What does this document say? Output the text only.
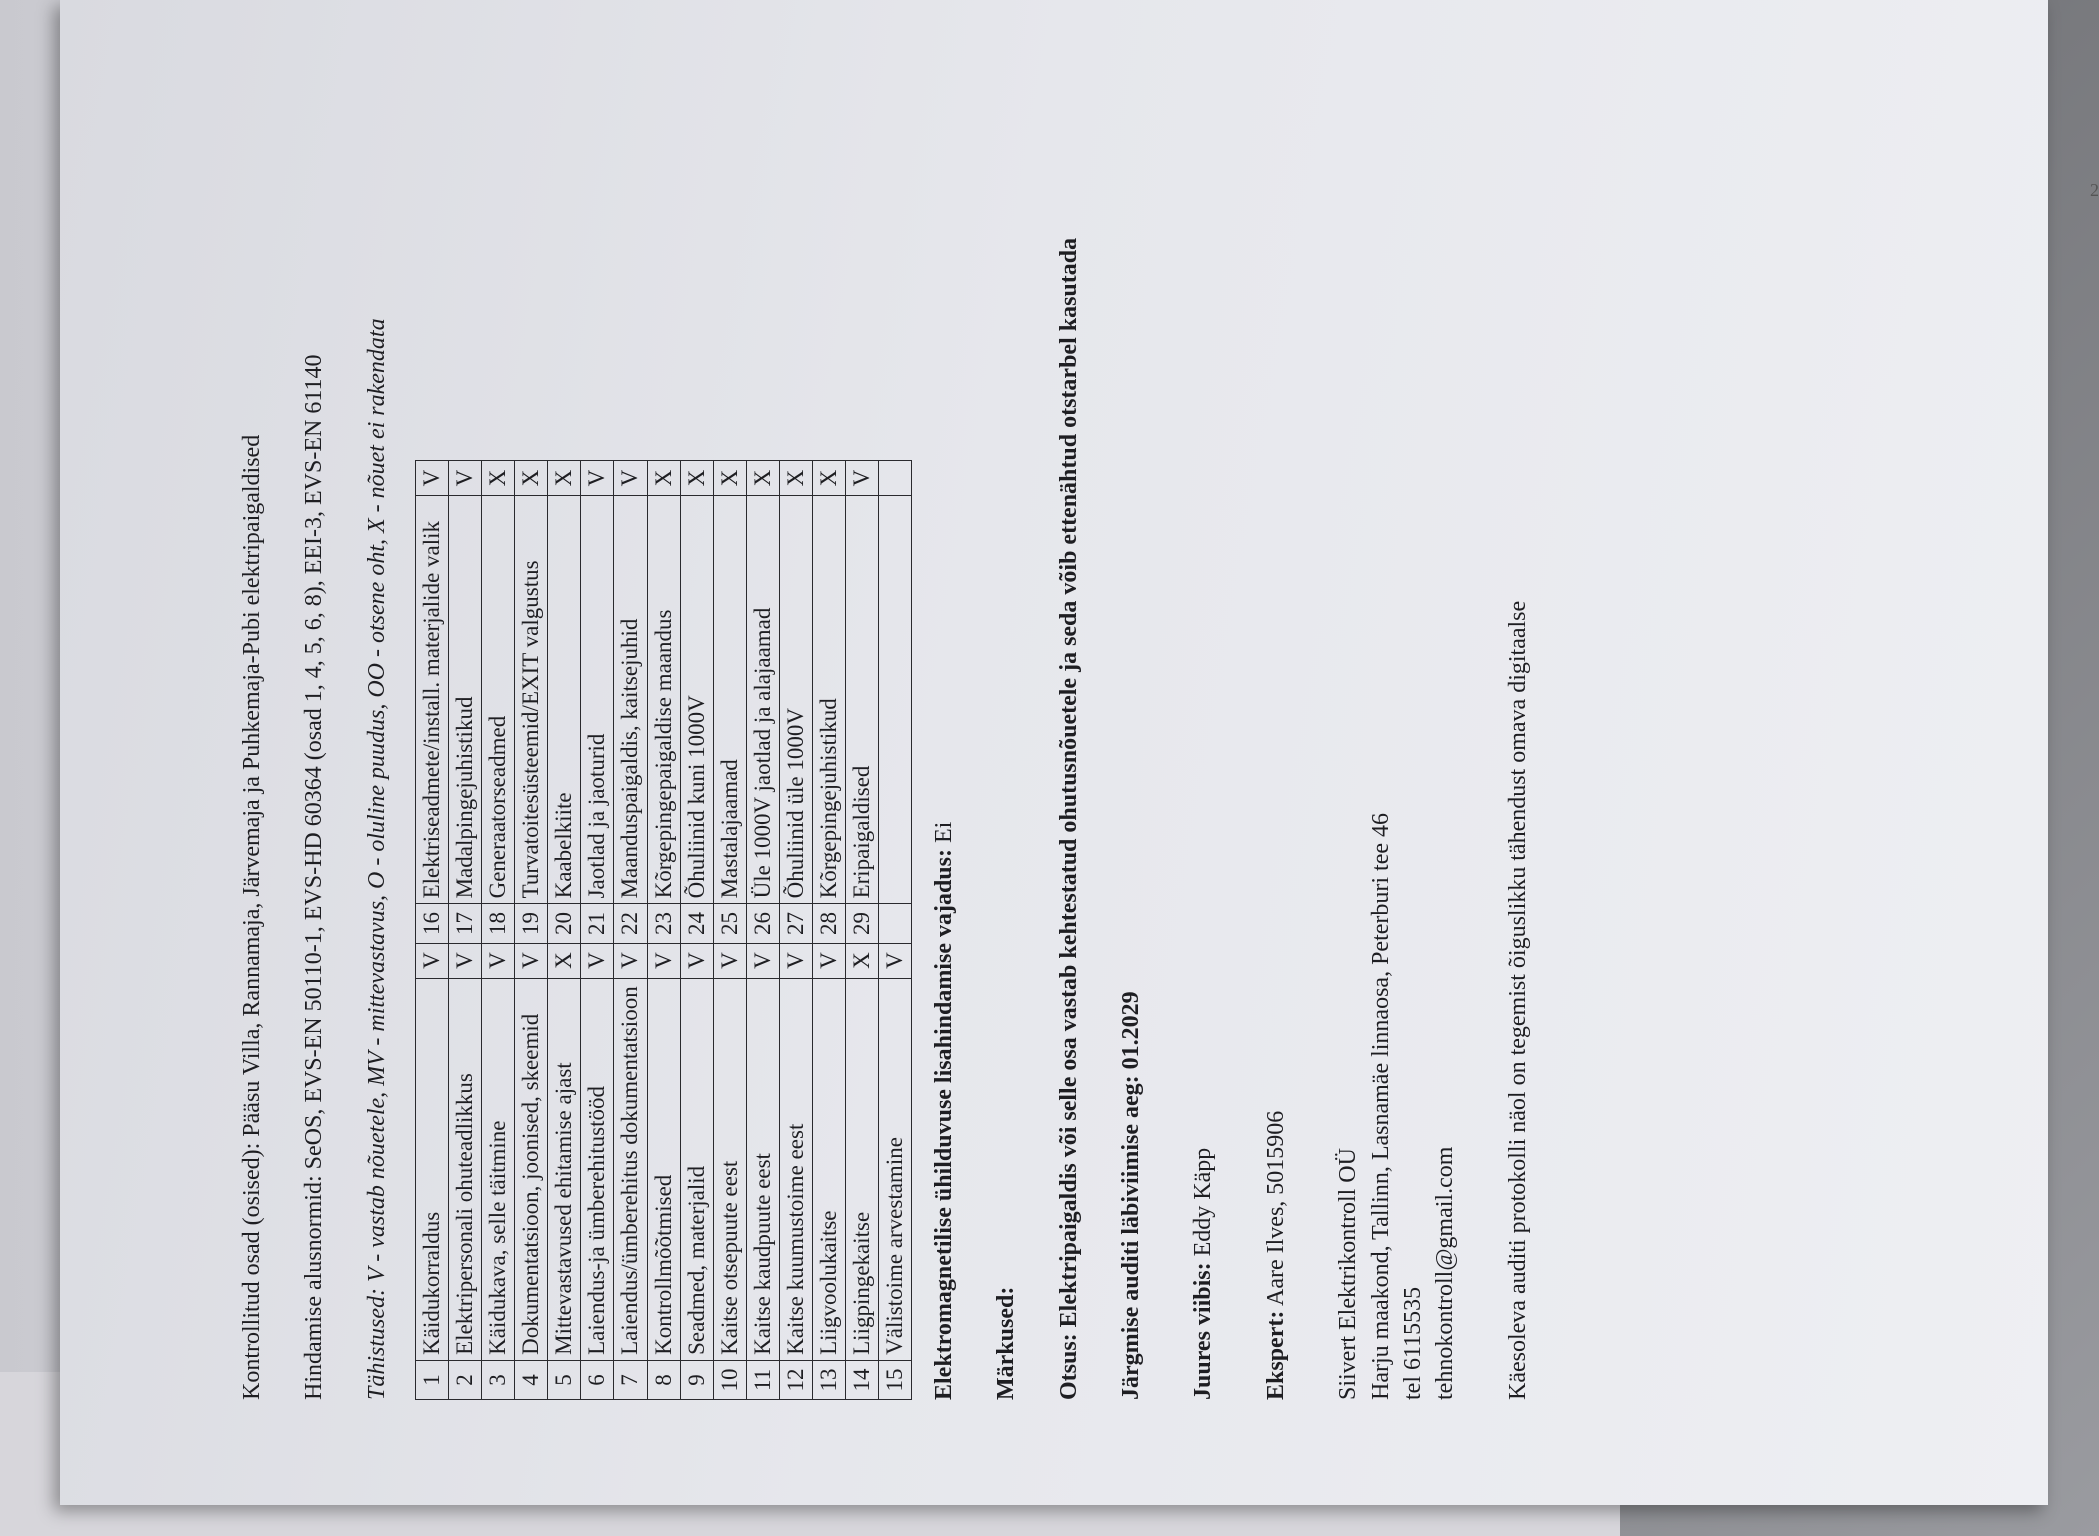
Kontrollitud osad (osised): Pääsu Villa, Rannamaja, Järvemaja ja Puhkemaja-Pubi elektripaigaldised Hindamise alusnormid: SeOS, EVS-EN 50110-1, EVS-HD 60364 (osad 1, 4, 5, 6, 8), EEI-3, EVS-EN 61140 Tähistused: V - vastab nõuetele, MV - mittevastavus, O - oluline puudus, OO - otsene oht, X - nõuet ei rakendata 1	Käidukorraldus	V	16	Elektriseadmete/install. materjalide valik	V
2	Elektripersonali ohuteadlikkus	V	17	Madalpingejuhistikud	V
3	Käidukava, selle täitmine	V	18	Generaatorseadmed	X
4	Dokumentatsioon, joonised, skeemid	V	19	Turvatoitesüsteemid/EXIT valgustus	X
5	Mittevastavused ehitamise ajast	X	20	Kaabelkiite	X
6	Laiendus-ja ümberehitustööd	V	21	Jaotlad ja jaoturid	V
7	Laiendus/ümberehitus dokumentatsioon	V	22	Maanduspaigaldis, kaitsejuhid	V
8	Kontrollmõõtmised	V	23	Kõrgepingepaigaldise maandus	X
9	Seadmed, materjalid	V	24	Õhuliinid kuni 1000V	X
10	Kaitse otsepuute eest	V	25	Mastalajaamad	X
11	Kaitse kaudpuute eest	V	26	Üle 1000V jaotlad ja alajaamad	X
12	Kaitse kuumustoime eest	V	27	Õhuliinid üle 1000V	X
13	Liigvoolukaitse	V	28	Kõrgepingejuhistikud	X
14	Liigpingekaitse	X	29	Eripaigaldised	V
15	Välistoime arvestamine	V			Elektromagnetilise ühilduvuse lisahindamise vajadus: Ei

Märkused: Otsus: Elektripaigaldis või selle osa vastab kehtestatud ohutusnõuetele ja seda võib ettenähtud otstarbel kasutada Järgmise auditi läbiviimise aeg: 01.2029 Juures viibis: Eddy Käpp

Ekspert: Aare Ilves, 5015906 Siivert Elektrikontroll OÜ Harju maakond, Tallinn, Lasnamäe linnaosa, Peterburi tee 46 tel 6115535 tehnokontroll@gmail.com Käesoleva auditi protokolli näol on tegemist õiguslikku tähendust omava digitaalse

2
